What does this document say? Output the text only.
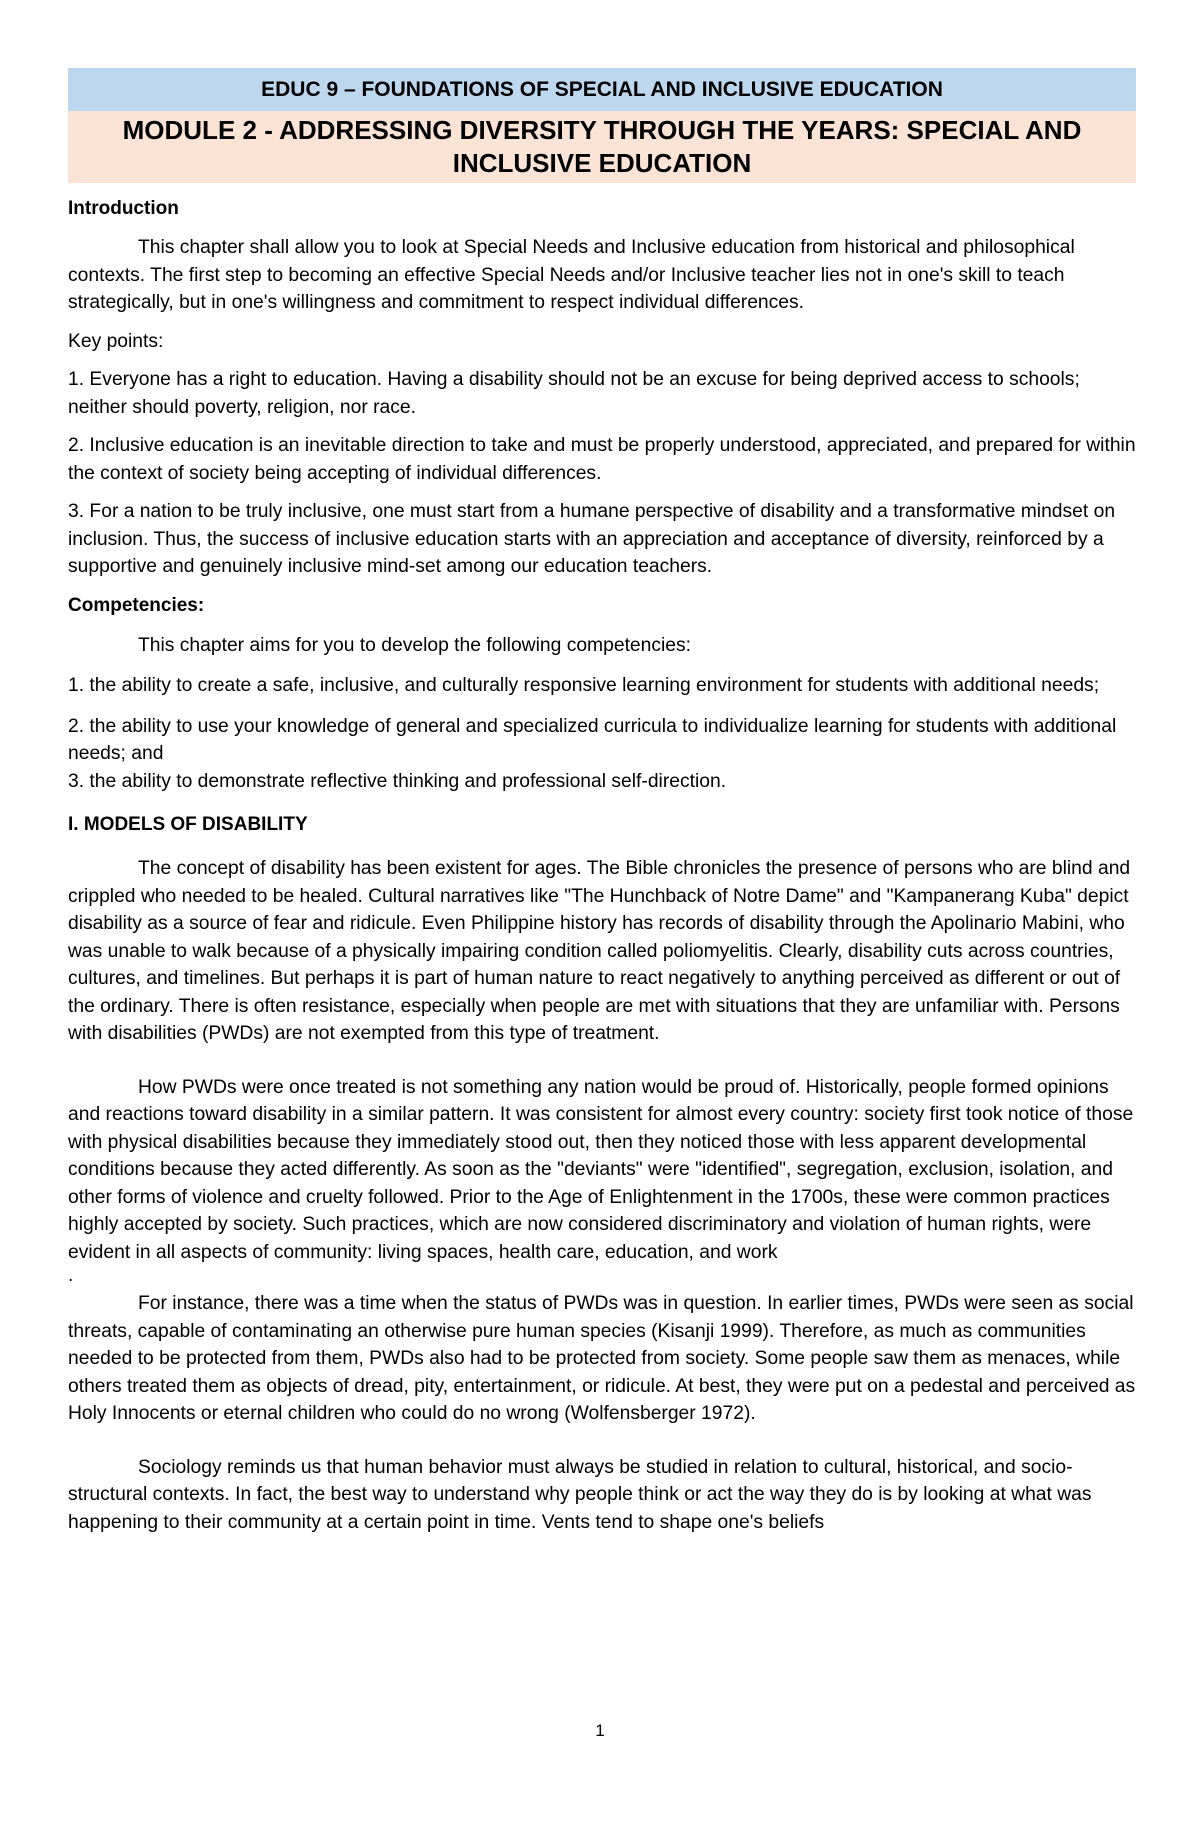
EDUC 9 – FOUNDATIONS OF SPECIAL AND INCLUSIVE EDUCATION
MODULE 2 - ADDRESSING DIVERSITY THROUGH THE YEARS: SPECIAL AND
INCLUSIVE EDUCATION
Introduction

This chapter shall allow you to look at Special Needs and Inclusive education from historical and philosophical contexts. The first step to becoming an effective Special Needs and/or Inclusive teacher lies not in one's skill to teach strategically, but in one's willingness and commitment to respect individual differences.

Key points:

1. Everyone has a right to education. Having a disability should not be an excuse for being deprived access to schools; neither should poverty, religion, nor race.

2. Inclusive education is an inevitable direction to take and must be properly understood, appreciated, and prepared for within the context of society being accepting of individual differences.

3. For a nation to be truly inclusive, one must start from a humane perspective of disability and a transformative mindset on inclusion. Thus, the success of inclusive education starts with an appreciation and acceptance of diversity, reinforced by a supportive and genuinely inclusive mind-set among our education teachers.

Competencies:

This chapter aims for you to develop the following competencies:

1. the ability to create a safe, inclusive, and culturally responsive learning environment for students with additional needs;

2. the ability to use your knowledge of general and specialized curricula to individualize learning for students with additional needs; and

3. the ability to demonstrate reflective thinking and professional self-direction.

I. MODELS OF DISABILITY

The concept of disability has been existent for ages. The Bible chronicles the presence of persons who are blind and crippled who needed to be healed. Cultural narratives like "The Hunchback of Notre Dame" and "Kampanerang Kuba" depict disability as a source of fear and ridicule. Even Philippine history has records of disability through the Apolinario Mabini, who was unable to walk because of a physically impairing condition called poliomyelitis. Clearly, disability cuts across countries, cultures, and timelines. But perhaps it is part of human nature to react negatively to anything perceived as different or out of the ordinary. There is often resistance, especially when people are met with situations that they are unfamiliar with. Persons with disabilities (PWDs) are not exempted from this type of treatment.

How PWDs were once treated is not something any nation would be proud of. Historically, people formed opinions and reactions toward disability in a similar pattern. It was consistent for almost every country: society first took notice of those with physical disabilities because they immediately stood out, then they noticed those with less apparent developmental conditions because they acted differently. As soon as the "deviants" were "identified", segregation, exclusion, isolation, and other forms of violence and cruelty followed. Prior to the Age of Enlightenment in the 1700s, these were common practices highly accepted by society. Such practices, which are now considered discriminatory and violation of human rights, were evident in all aspects of community: living spaces, health care, education, and work

.

For instance, there was a time when the status of PWDs was in question. In earlier times, PWDs were seen as social threats, capable of contaminating an otherwise pure human species (Kisanji 1999). Therefore, as much as communities needed to be protected from them, PWDs also had to be protected from society. Some people saw them as menaces, while others treated them as objects of dread, pity, entertainment, or ridicule. At best, they were put on a pedestal and perceived as Holy Innocents or eternal children who could do no wrong (Wolfensberger 1972).

Sociology reminds us that human behavior must always be studied in relation to cultural, historical, and socio-structural contexts. In fact, the best way to understand why people think or act the way they do is by looking at what was happening to their community at a certain point in time. Vents tend to shape one's beliefs

1
